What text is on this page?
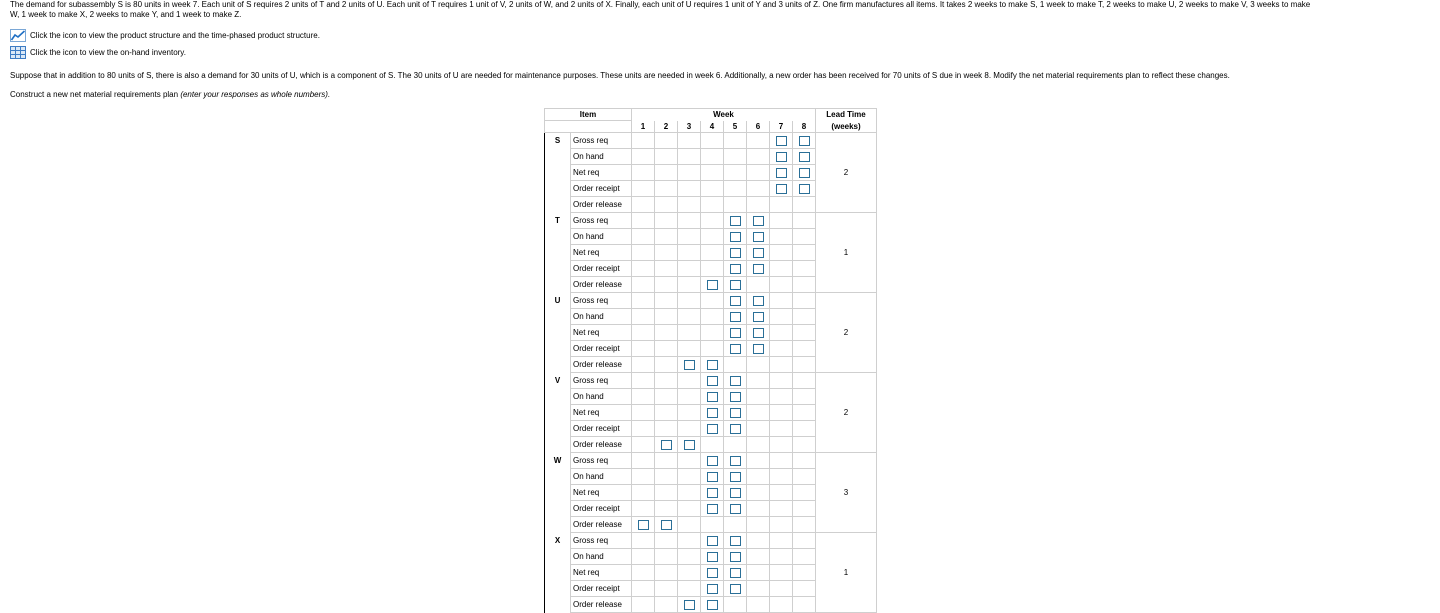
The demand for subassembly S is 80 units in week 7. Each unit of S requires 2 units of T and 2 units of U. Each unit of T requires 1 unit of V, 2 units of W, and 2 units of X. Finally, each unit of U requires 1 unit of Y and 3 units of Z. One firm manufactures all items. It takes 2 weeks to make S, 1 week to make T, 2 weeks to make U, 2 weeks to make V, 3 weeks to make
W, 1 week to make X, 2 weeks to make Y, and 1 week to make Z.
Click the icon to view the product structure and the time-phased product structure.
Click the icon to view the on-hand inventory.
Suppose that in addition to 80 units of S, there is also a demand for 30 units of U, which is a component of S. The 30 units of U are needed for maintenance purposes. These units are needed in week 6. Additionally, a new order has been received for 70 units of S due in week 8. Modify the net material requirements plan to reflect these changes.
Construct a new net material requirements plan (enter your responses as whole numbers).
Item		Week								Lead Time
		1	2	3	4	5	6	7	8	(weeks)
S	Gross req									2
	On hand								

	Net req								

	Order receipt								

	Order release									
T	Gross req									1
	On hand						

	Net req						

	Order receipt						

	Order release					

U	Gross req									2
	On hand						

	Net req						

	Order receipt						

	Order release				

V	Gross req									2
	On hand					

	Net req					

	Order receipt					

	Order release			

W	Gross req									3
	On hand					

	Net req					

	Order receipt					

	Order release		

X	Gross req									1
	On hand					

	Net req					

	Order receipt					

	Order release				
